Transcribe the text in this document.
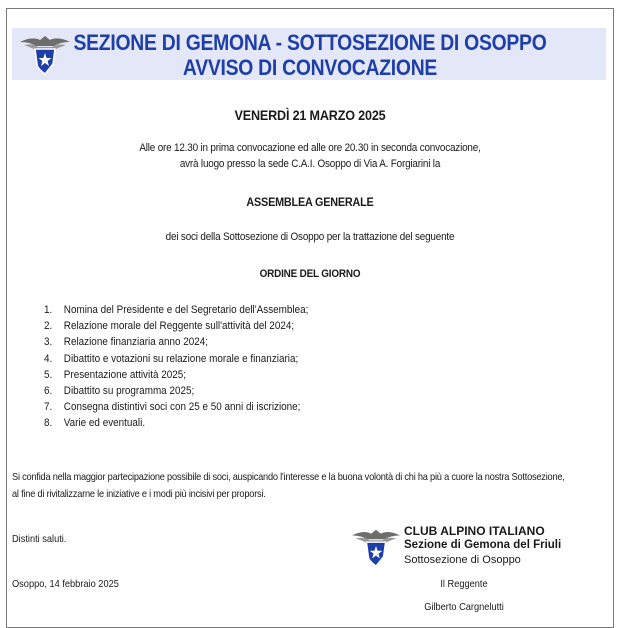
SEZIONE DI GEMONA - SOTTOSEZIONE DI OSOPPO
AVVISO DI CONVOCAZIONE
VENERDÌ 21 MARZO 2025
Alle ore 12.30 in prima convocazione ed alle ore 20.30 in seconda convocazione,
avrà luogo presso la sede C.A.I. Osoppo di Via A. Forgiarini la
ASSEMBLEA GENERALE
dei soci della Sottosezione di Osoppo per la trattazione del seguente
ORDINE DEL GIORNO
1. Nomina del Presidente e del Segretario dell'Assemblea;
2. Relazione morale del Reggente sull'attività del 2024;
3. Relazione finanziaria anno 2024;
4. Dibattito e votazioni su relazione morale e finanziaria;
5. Presentazione attività 2025;
6. Dibattito su programma 2025;
7. Consegna distintivi soci con 25 e 50 anni di iscrizione;
8. Varie ed eventuali.
Si confida nella maggior partecipazione possibile di soci, auspicando l'interesse e la buona volontà di chi ha più a cuore la nostra Sottosezione,
al fine di rivitalizzarne le iniziative e i modi più incisivi per proporsi.
Distinti saluti.
Osoppo, 14 febbraio 2025
CLUB ALPINO ITALIANO
Sezione di Gemona del Friuli
Sottosezione di Osoppo
Il Reggente
Gilberto Cargnelutti
